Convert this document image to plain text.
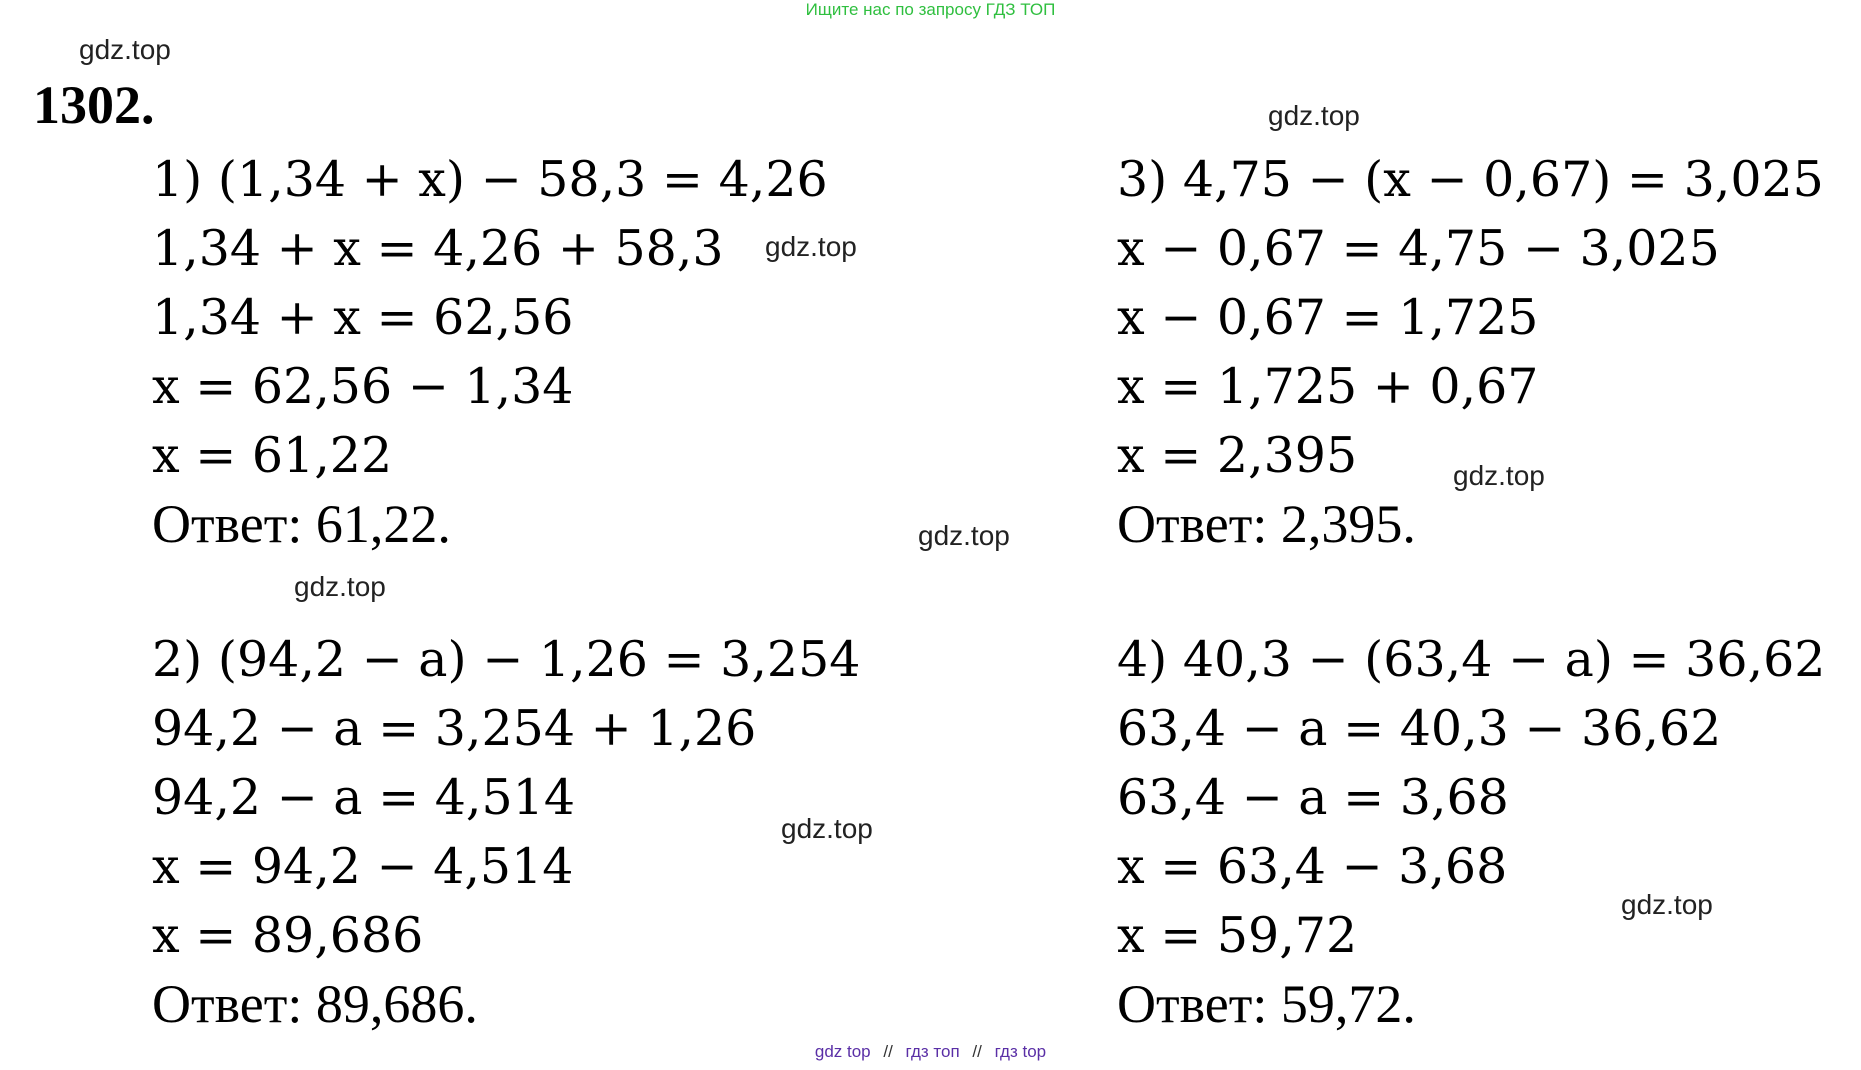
Ищите нас по запросу ГДЗ ТОП
gdz.top
gdz.top
gdz.top
gdz.top
gdz.top
gdz.top
gdz.top
gdz.top
1302.
1) (1,34 + x) − 58,3 = 4,26
1,34 + x = 4,26 + 58,3
1,34 + x = 62,56
x = 62,56 − 1,34
x = 61,22
Ответ: 61,22.
2) (94,2 − a) − 1,26 = 3,254
94,2 − a = 3,254 + 1,26
94,2 − a = 4,514
x = 94,2 − 4,514
x = 89,686
Ответ: 89,686.
3) 4,75 − (x − 0,67) = 3,025
x − 0,67 = 4,75 − 3,025
x − 0,67 = 1,725
x = 1,725 + 0,67
x = 2,395
Ответ: 2,395.
4) 40,3 − (63,4 − a) = 36,62
63,4 − a = 40,3 − 36,62
63,4 − a = 3,68
x = 63,4 − 3,68
x = 59,72
Ответ: 59,72.
gdz top // гдз топ // гдз top
